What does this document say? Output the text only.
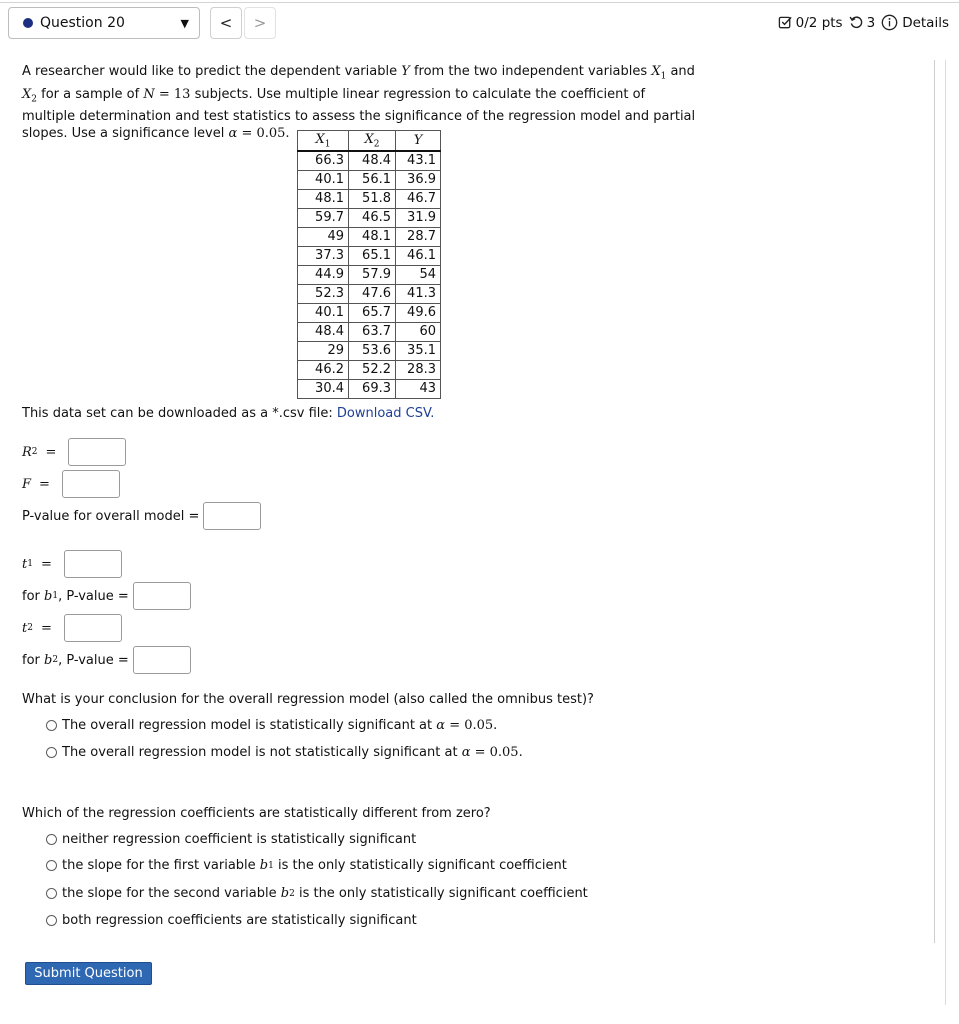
Question 20	▼ < >	0/2 pts 3 Details
A researcher would like to predict the dependent variable Y from the two independent variables $X_1$ and
$X_2$ for a sample of N = 13 subjects. Use multiple linear regression to calculate the coefficient of multiple determination and test statistics to assess the significance of the regression model and partial slopes. Use a significance level α = 0.05.	$X_1$	$X_2$	Y
66.3	48.4	43.1
40.1	56.1	36.9
48.1	51.8	46.7
59.7	46.5	31.9
49	48.1	28.7
37.3	65.1	46.1
44.9	57.9	54
52.3	47.6	41.3
40.1	65.7	49.6
48.4	63.7	60
29	53.6	35.1
46.2	52.2	28.3
30.4	69.3	43
This data set can be downloaded as a *.csv file: Download CSV.
R 2 =
F =
P-value for overall model =
t 1 =
for
b 1 , P-value =
t 2 =
for
b 2 , P-value =
What is your conclusion for the overall regression model (also called the omnibus test)?
The overall regression model is statistically significant at
α
= 0.05.
The overall regression model is not statistically significant at
α
= 0.05.
Which of the regression coefficients are statistically different from zero?
neither regression coefficient is statistically significant
the slope for the first variable
b 1
is the only statistically significant coefficient
the slope for the second variable
b 2
is the only statistically significant coefficient
both regression coefficients are statistically significant
Submit Question
